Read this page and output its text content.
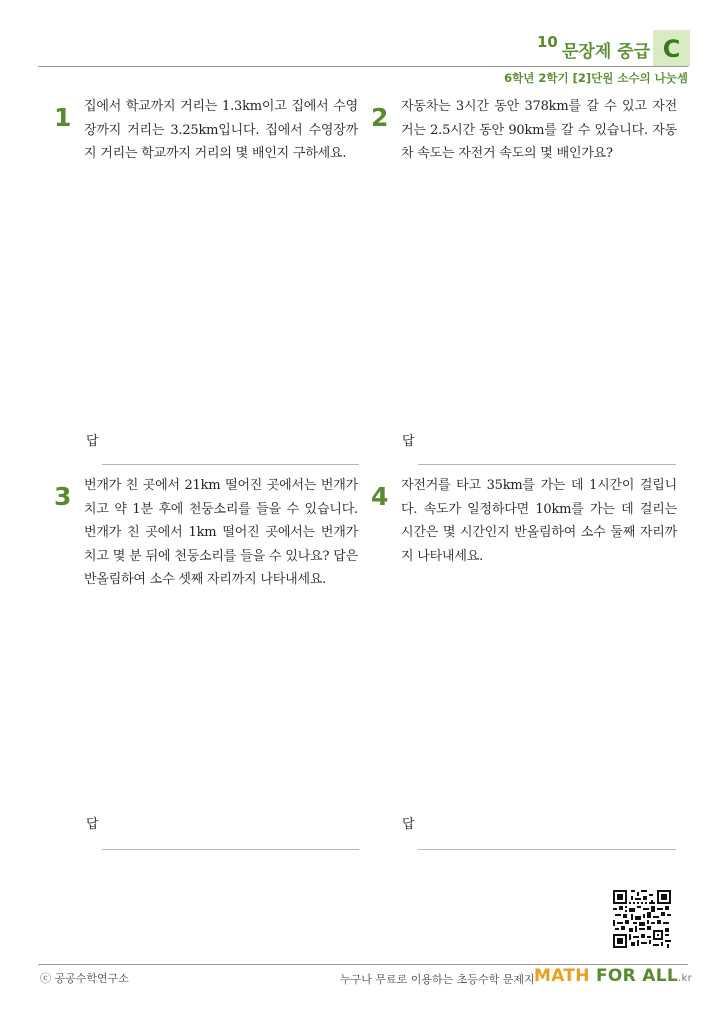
10 문장제 중급 C
6학년 2학기 [2]단원 소수의 나눗셈
1 집에서 학교까지 거리는 1.3km이고 집에서 수영장까지 거리는 3.25km입니다. 집에서 수영장까지 거리는 학교까지 거리의 몇 배인지 구하세요.
답
2 자동차는 3시간 동안 378km를 갈 수 있고 자전거는 2.5시간 동안 90km를 갈 수 있습니다. 자동차 속도는 자전거 속도의 몇 배인가요?
답
3 번개가 친 곳에서 21km 떨어진 곳에서는 번개가 치고 약 1분 후에 천둥소리를 들을 수 있습니다.번개가 친 곳에서 1km 떨어진 곳에서는 번개가 치고 몇 분 뒤에 천둥소리를 들을 수 있나요? 답은 반올림하여 소수 셋째 자리까지 나타내세요.
답
4 자전거를 타고 35km를 가는 데 1시간이 걸립니다. 속도가 일정하다면 10km를 가는 데 걸리는 시간은 몇 시간인지 반올림하여 소수 둘째 자리까지 나타내세요.
답
ⓒ 공공수학연구소	누구나 무료로 이용하는 초등수학 문제지 MATH FOR ALL.kr
